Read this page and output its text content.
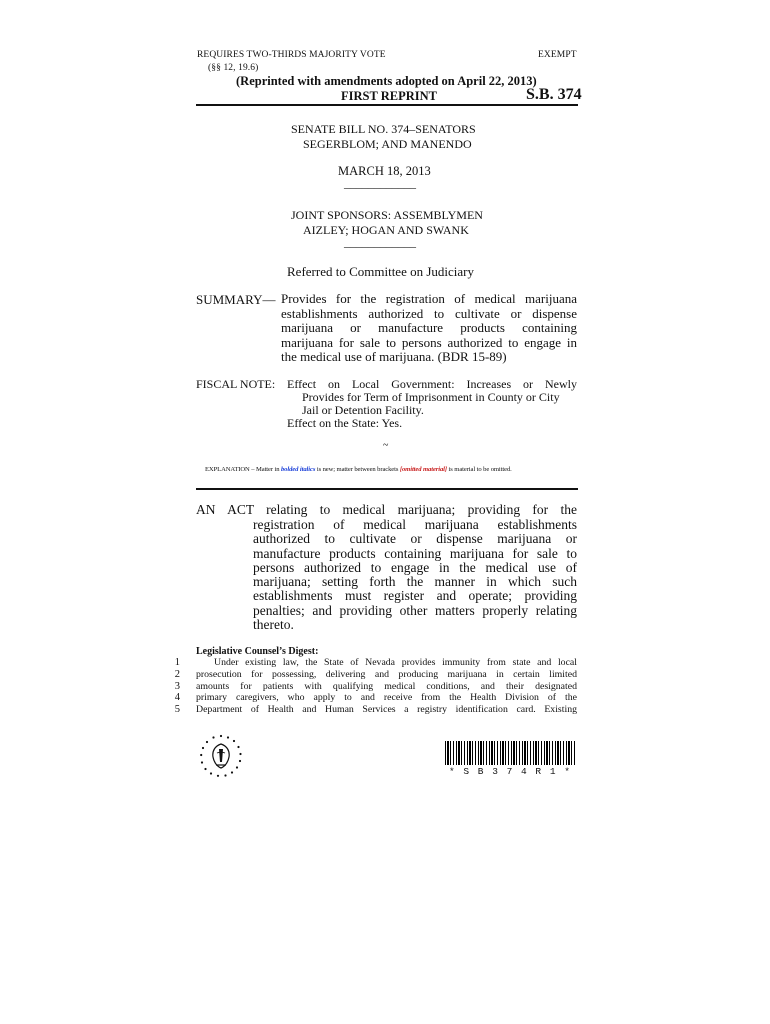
REQUIRES TWO-THIRDS MAJORITY VOTE
(§§ 12, 19.6)
EXEMPT
(Reprinted with amendments adopted on April 22, 2013)
FIRST REPRINT	S.B. 374
SENATE BILL NO. 374–SENATORS
SEGERBLOM; AND MANENDO
MARCH 18, 2013
____________
JOINT SPONSORS: ASSEMBLYMEN
AIZLEY; HOGAN AND SWANK
____________
Referred to Committee on Judiciary
SUMMARY— Provides for the registration of medical marijuana
establishments authorized to cultivate or dispense
marijuana or manufacture products containing
marijuana for sale to persons authorized to engage in
the medical use of marijuana. (BDR 15-89)
FISCAL NOTE: Effect on Local Government: Increases or Newly
Provides for Term of Imprisonment in County or City
Jail or Detention Facility.
Effect on the State: Yes.
~
EXPLANATION – Matter in bolded italics is new; matter between brackets [omitted material] is material to be omitted.
AN ACT relating to medical marijuana; providing for the
registration of medical marijuana establishments
authorized to cultivate or dispense marijuana or
manufacture products containing marijuana for sale to
persons authorized to engage in the medical use of
marijuana; setting forth the manner in which such
establishments must register and operate; providing
penalties; and providing other matters properly relating
thereto.
Legislative Counsel’s Digest:
1
2
3
4
5
Under existing law, the State of Nevada provides immunity from state and local
prosecution for possessing, delivering and producing marijuana in certain limited
amounts for patients with qualifying medical conditions, and their designated
primary caregivers, who apply to and receive from the Health Division of the
Department of Health and Human Services a registry identification card. Existing
* S B 3 7 4 R 1 *
